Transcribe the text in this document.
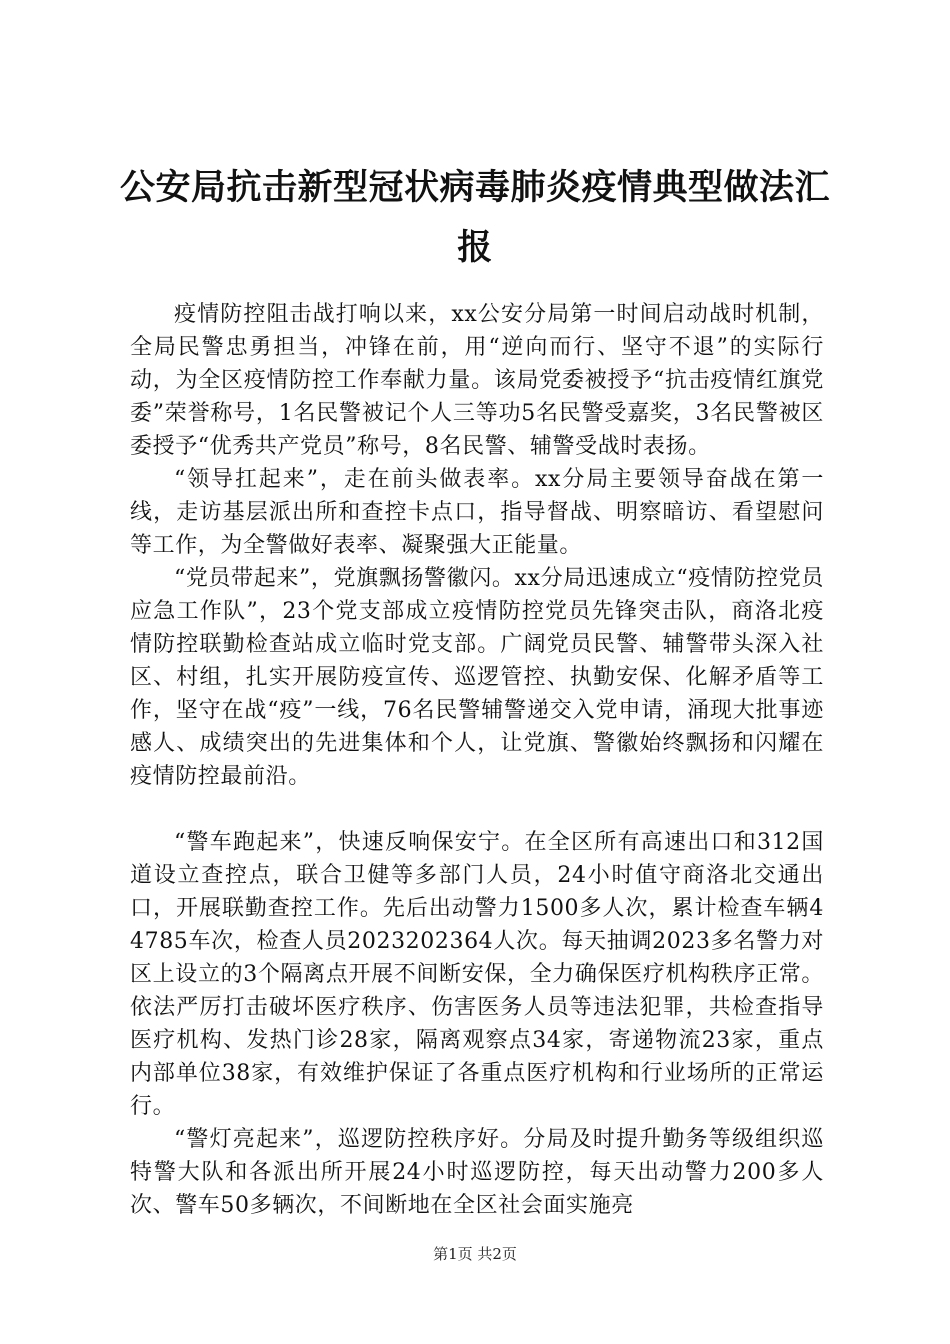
公安局抗击新型冠状病毒肺炎疫情典型做法汇报

疫情防控阻击战打响以来，xx公安分局第一时间启动战时机制，全局民警忠勇担当，冲锋在前，用“逆向而行、坚守不退”的实际行动，为全区疫情防控工作奉献力量。该局党委被授予“抗击疫情红旗党委”荣誉称号，1名民警被记个人三等功5名民警受嘉奖，3名民警被区委授予“优秀共产党员”称号，8名民警、辅警受战时表扬。

“领导扛起来”，走在前头做表率。xx分局主要领导奋战在第一线，走访基层派出所和查控卡点口，指导督战、明察暗访、看望慰问等工作，为全警做好表率、凝聚强大正能量。

“党员带起来”，党旗飘扬警徽闪。xx分局迅速成立“疫情防控党员应急工作队”，23个党支部成立疫情防控党员先锋突击队，商洛北疫情防控联勤检查站成立临时党支部。广阔党员民警、辅警带头深入社区、村组，扎实开展防疫宣传、巡逻管控、执勤安保、化解矛盾等工作，坚守在战“疫”一线，76名民警辅警递交入党申请，涌现大批事迹感人、成绩突出的先进集体和个人，让党旗、警徽始终飘扬和闪耀在疫情防控最前沿。

“警车跑起来”，快速反响保安宁。在全区所有高速出口和312国道设立查控点，联合卫健等多部门人员，24小时值守商洛北交通出口，开展联勤查控工作。先后出动警力1500多人次，累计检查车辆44785车次，检查人员2023202364人次。每天抽调2023多名警力对区上设立的3个隔离点开展不间断安保，全力确保医疗机构秩序正常。依法严厉打击破坏医疗秩序、伤害医务人员等违法犯罪，共检查指导医疗机构、发热门诊28家，隔离观察点34家，寄递物流23家，重点内部单位38家，有效维护保证了各重点医疗机构和行业场所的正常运行。

“警灯亮起来”，巡逻防控秩序好。分局及时提升勤务等级组织巡特警大队和各派出所开展24小时巡逻防控，每天出动警力200多人次、警车50多辆次，不间断地在全区社会面实施亮

第1页 共2页
